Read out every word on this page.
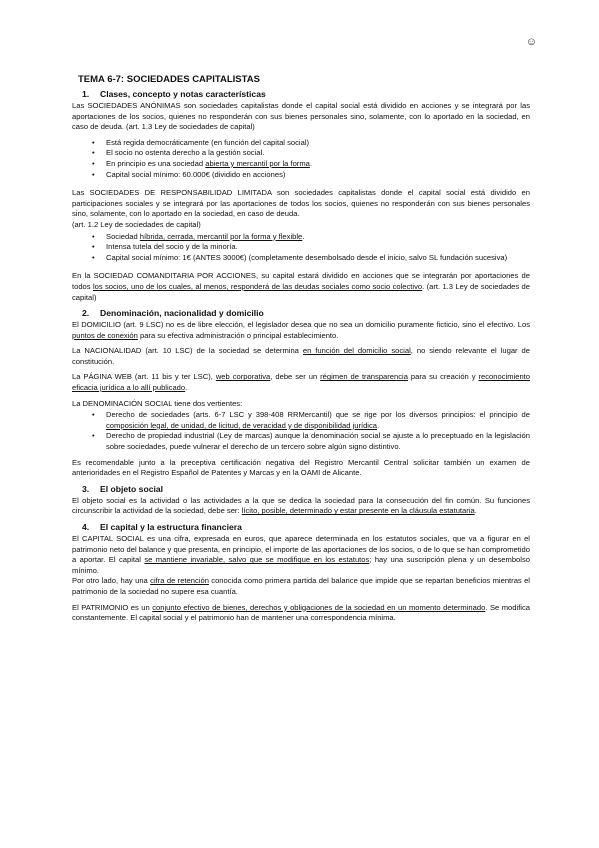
☺
TEMA 6-7: SOCIEDADES CAPITALISTAS
1. Clases, concepto y notas características

Las SOCIEDADES ANÓNIMAS son sociedades capitalistas donde el capital social está dividido en acciones y se integrará por las aportaciones de los socios, quienes no responderán con sus bienes personales sino, solamente, con lo aportado en la sociedad, en caso de deuda. (art. 1.3 Ley de sociedades de capital)

• Está regida democráticamente (en función del capital social)
• El socio no ostenta derecho a la gestión social.
• En principio es una sociedad abierta y mercantil por la forma.
• Capital social mínimo: 60.000€ (dividido en acciones)

Las SOCIEDADES DE RESPONSABILIDAD LIMITADA son sociedades capitalistas donde el capital social está dividido en participaciones sociales y se integrará por las aportaciones de todos los socios, quienes no responderán con sus bienes personales sino, solamente, con lo aportado en la sociedad, en caso de deuda.

(art. 1.2 Ley de sociedades de capital)

• Sociedad híbrida, cerrada, mercantil por la forma y flexible.
• Intensa tutela del socio y de la minoría.
• Capital social mínimo: 1€ (ANTES 3000€) (completamente desembolsado desde el inicio, salvo SL fundación sucesiva)

En la SOCIEDAD COMANDITARIA POR ACCIONES, su capital estará dividido en acciones que se integrarán por aportaciones de todos los socios, uno de los cuales, al menos, responderá de las deudas sociales como socio colectivo. (art. 1.3 Ley de sociedades de capital)

2. Denominación, nacionalidad y domicilio

El DOMICILIO (art. 9 LSC) no es de libre elección, el legislador desea que no sea un domicilio puramente ficticio, sino el efectivo. Los puntos de conexión para su efectiva administración o principal establecimiento.

La NACIONALIDAD (art. 10 LSC) de la sociedad se determina en función del domicilio social, no siendo relevante el lugar de constitución.

La PÁGINA WEB (art. 11 bis y ter LSC), web corporativa, debe ser un régimen de transparencia para su creación y reconocimiento eficacia jurídica a lo allí publicado.

La DENOMINACIÓN SOCIAL tiene dos vertientes:

• Derecho de sociedades (arts. 6-7 LSC y 398-408 RRMercantil) que se rige por los diversos principios: el principio de composición legal, de unidad, de licitud, de veracidad y de disponibilidad jurídica.
• Derecho de propiedad industrial (Ley de marcas) aunque la denominación social se ajuste a lo preceptuado en la legislación sobre sociedades, puede vulnerar el derecho de un tercero sobre algún signo distintivo.

Es recomendable junto a la preceptiva certificación negativa del Registro Mercantil Central solicitar también un examen de anterioridades en el Registro Español de Patentes y Marcas y en la OAMI de Alicante.

3. El objeto social

El objeto social es la actividad o las actividades a la que se dedica la sociedad para la consecución del fin común. Su funciones circunscribir la actividad de la sociedad, debe ser: lícito, posible, determinado y estar presente en la cláusula estatutaria.

4. El capital y la estructura financiera

El CAPITAL SOCIAL es una cifra, expresada en euros, que aparece determinada en los estatutos sociales, que va a figurar en el patrimonio neto del balance y que presenta, en principio, el importe de las aportaciones de los socios, o de lo que se han comprometido a aportar. El capital se mantiene invariable, salvo que se modifique en los estatutos; hay una suscripción plena y un desembolso mínimo.

Por otro lado, hay una cifra de retención conocida como primera partida del balance que impide que se repartan beneficios mientras el patrimonio de la sociedad no supere esa cuantía.

El PATRIMONIO es un conjunto efectivo de bienes, derechos y obligaciones de la sociedad en un momento determinado. Se modifica constantemente. El capital social y el patrimonio han de mantener una correspondencia mínima.
